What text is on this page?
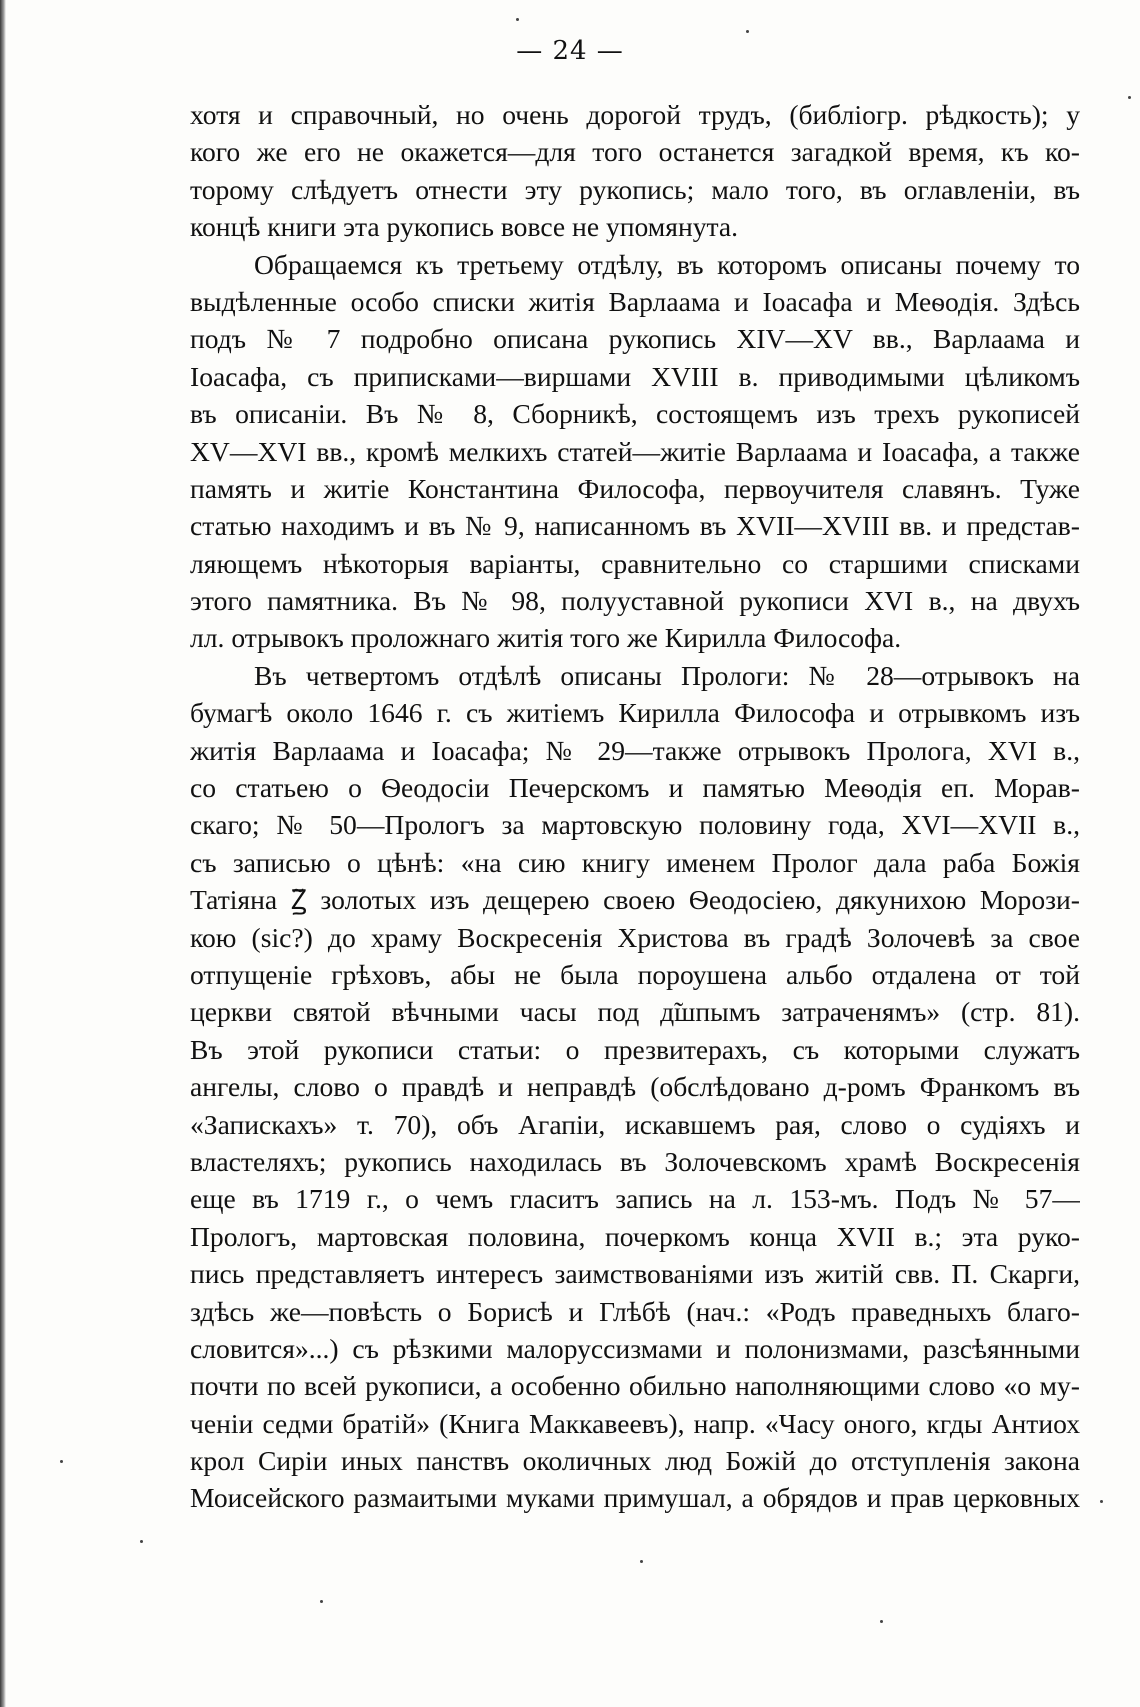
— 24 —
хотя и справочный, но очень дорогой трудъ, (библіогр. рѣдкость); у
кого же его не окажется—для того останется загадкой время, къ ко-
торому слѣдуетъ отнести эту рукопись; мало того, въ оглавленіи, въ
концѣ книги эта рукопись вовсе не упомянута.
Обращаемся къ третьему отдѣлу, въ которомъ описаны почему то
выдѣленные особо списки житія Варлаама и Іоасафа и Меѳодія. Здѣсь
подъ № 7 подробно описана рукопись XIV—XV вв., Варлаама и
Іоасафа, съ приписками—виршами XVIII в. приводимыми цѣликомъ
въ описаніи. Въ № 8, Сборникѣ, состоящемъ изъ трехъ рукописей
XV—XVI вв., кромѣ мелкихъ статей—житіе Варлаама и Іоасафа, а также
память и житіе Константина Философа, первоучителя славянъ. Туже
статью находимъ и въ № 9, написанномъ въ XVII—XVIII вв. и представ-
ляющемъ нѣкоторыя варіанты, сравнительно со старшими списками
этого памятника. Въ № 98, полууставной рукописи XVI в., на двухъ
лл. отрывокъ проложнаго житія того же Кирилла Философа.
Въ четвертомъ отдѣлѣ описаны Прологи: № 28—отрывокъ на
бумагѣ около 1646 г. съ житіемъ Кирилла Философа и отрывкомъ изъ
житія Варлаама и Іоасафа; № 29—также отрывокъ Пролога, XVI в.,
со статьею о Ѳеодосіи Печерскомъ и памятью Меѳодія еп. Морав-
скаго; № 50—Прологъ за мартовскую половину года, XVI—XVII в.,
съ записью о цѣнѣ: «на сию книгу именем Пролог дала раба Божія
Татіяна Ꙁ̃ золотых изъ дещерею своею Ѳеодосіею, дякунихою Морози-
кою (sic?) до храму Воскресенія Христова въ градѣ Золочевѣ за свое
отпущеніе грѣховъ, абы не была пороушена альбо отдалена от той
церкви святой вѣчными часы под д̃шпымъ затраченямъ» (стр. 81).
Въ этой рукописи статьи: о презвитерахъ, съ которыми служатъ
ангелы, слово о правдѣ и неправдѣ (обслѣдовано д-ромъ Франкомъ въ
«Запискахъ» т. 70), объ Агапіи, искавшемъ рая, слово о судіяхъ и
властеляхъ; рукопись находилась въ Золочевскомъ храмѣ Воскресенія
еще въ 1719 г., о чемъ гласитъ запись на л. 153-мъ. Подъ № 57—
Прологъ, мартовская половина, почеркомъ конца XVII в.; эта руко-
пись представляетъ интересъ заимствованіями изъ житій свв. П. Скарги,
здѣсь же—повѣсть о Борисѣ и Глѣбѣ (нач.: «Родъ праведныхъ благо-
словится»...) съ рѣзкими малоруссизмами и полонизмами, разсѣянными
почти по всей рукописи, а особенно обильно наполняющими слово «о му-
ченіи седми братій» (Книга Маккавеевъ), напр. «Часу оного, кгды Антиох
крол Сиріи иных панствъ околичных люд Божій до отступленія закона
Моисейского размаитыми муками примушал, а обрядов и прав церковных
